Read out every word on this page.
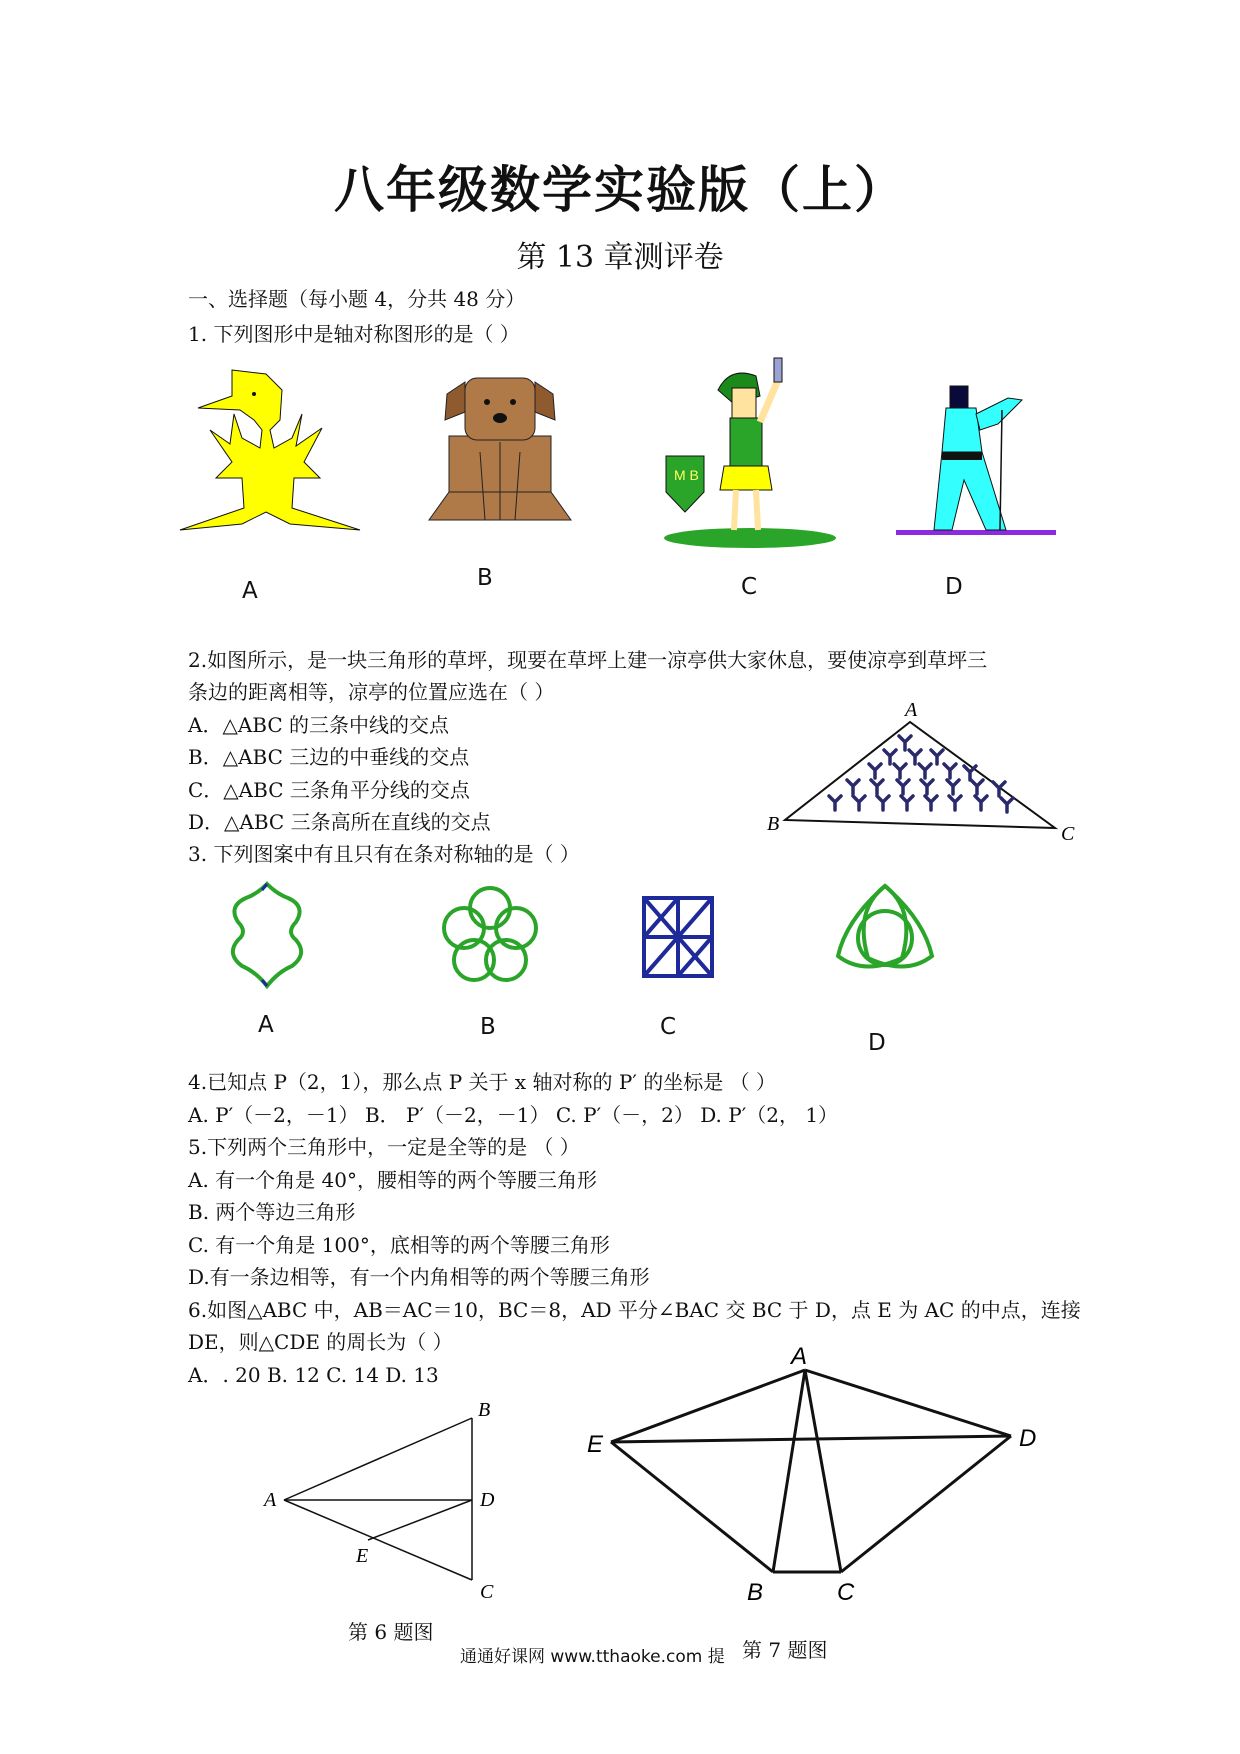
八年级数学实验版（上）
第 13 章测评卷
一、选择题（每小题 4，分共 48 分）
1. 下列图形中是轴对称图形的是（ ）
M B
A	B	C	D
2.如图所示，是一块三角形的草坪，现要在草坪上建一凉亭供大家休息，要使凉亭到草坪三
条边的距离相等，凉亭的位置应选在（ ）
A．△ABC 的三条中线的交点
B．△ABC 三边的中垂线的交点
C．△ABC 三条角平分线的交点
D．△ABC 三条高所在直线的交点
A
B	C
3. 下列图案中有且只有在条对称轴的是（ ）
A	B	C
D
4.已知点 P（2，1），那么点 P 关于 x 轴对称的 P′ 的坐标是 （ ）
A. P′（－2，－1） B． P′（－2，－1） C. P′（－，2） D. P′（2， 1）
5.下列两个三角形中，一定是全等的是 （ ）
A. 有一个角是 40°，腰相等的两个等腰三角形
B. 两个等边三角形
C. 有一个角是 100°，底相等的两个等腰三角形
D.有一条边相等，有一个内角相等的两个等腰三角形
6.如图△ABC 中，AB＝AC＝10，BC＝8，AD 平分∠BAC 交 BC 于 D，点 E 为 AC 的中点，连接
DE，则△CDE 的周长为（ ）
A．. 20 B. 12 C. 14 D. 13
A
B
C
D
E
A
E	D
B	C
第 6 题图
通通好课网 www.tthaoke.com 提 第 7 题图
